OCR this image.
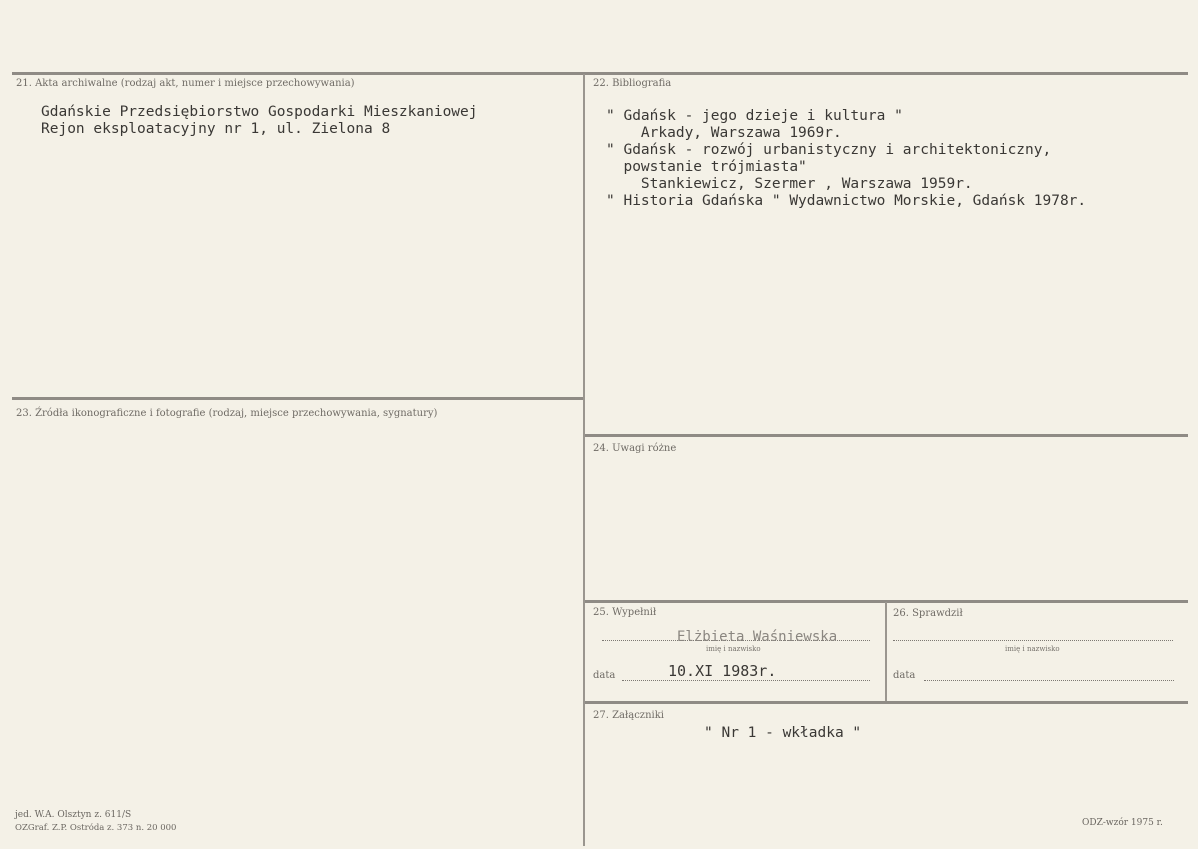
21. Akta archiwalne (rodzaj akt, numer i miejsce przechowywania)
Gdańskie Przedsiębiorstwo Gospodarki Mieszkaniowej
Rejon eksploatacyjny nr 1, ul. Zielona 8
22. Bibliografia
" Gdańsk - jego dzieje i kultura "
Arkady, Warszawa 1969r.
" Gdańsk - rozwój urbanistyczny i architektoniczny,
powstanie trójmiasta"
Stankiewicz, Szermer , Warszawa 1959r.
" Historia Gdańska " Wydawnictwo Morskie, Gdańsk 1978r.
23. Źródła ikonograficzne i fotografie (rodzaj, miejsce przechowywania, sygnatury)
24. Uwagi różne
25. Wypełnił
Elżbieta Waśniewska
imię i nazwisko
data	10.XI 1983r.
26. Sprawdził
imię i nazwisko
data
27. Załączniki
" Nr 1 - wkładka "
jed. W.A. Olsztyn z. 611/S
OZGraf. Z.P. Ostróda z. 373 n. 20 000	ODZ-wzór 1975 r.
